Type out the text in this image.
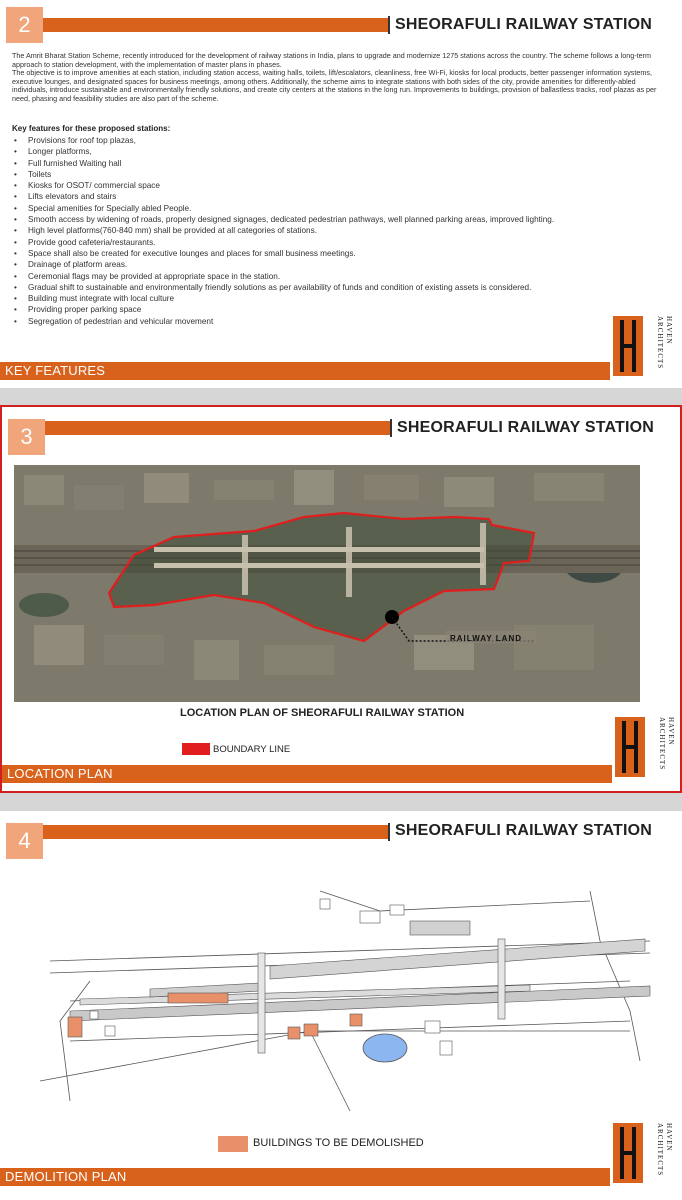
2	SHEORAFULI RAILWAY STATION

The Amrit Bharat Station Scheme, recently introduced for the development of railway stations in India, plans to upgrade and modernize 1275 stations across the country. The scheme follows a long-term approach to station development, with the implementation of master plans in phases.

The objective is to improve amenities at each station, including station access, waiting halls, toilets, lift/escalators, cleanliness, free Wi-Fi, kiosks for local products, better passenger information systems, executive lounges, and designated spaces for business meetings, among others. Additionally, the scheme aims to integrate stations with both sides of the city, provide amenities for differently-abled individuals, introduce sustainable and environmentally friendly solutions, and create city centers at the stations in the long run. Improvements to buildings, provision of ballastless tracks, roof plazas as per need, phasing and feasibility studies are also part of the scheme.

Key features for these proposed stations:
• Provisions for roof top plazas,
• Longer platforms,
• Full furnished Waiting hall
• Toilets
• Kiosks for OSOT/ commercial space
• Lifts elevators and stairs
• Special amenities for Specially abled People.
• Smooth access by widening of roads, properly designed signages, dedicated pedestrian pathways, well planned parking areas, improved lighting.
• High level platforms(760-840 mm) shall be provided at all categories of stations.
• Provide good cafeteria/restaurants.
• Space shall also be created for executive lounges and places for small business meetings.
• Drainage of platform areas.
• Ceremonial flags may be provided at appropriate space in the station.
• Gradual shift to sustainable and environmentally friendly solutions as per availability of funds and condition of existing assets is considered.
• Building must integrate with local culture
• Providing proper parking space
• Segregation of pedestrian and vehicular movement	HAVEN
ARCHITECTS
KEY FEATURES
3	SHEORAFULI RAILWAY STATION
RAILWAY LAND
LOCATION PLAN OF SHEORAFULI RAILWAY STATION
BOUNDARY LINE
HAVEN
ARCHITECTS
LOCATION PLAN
4	SHEORAFULI RAILWAY STATION
BUILDINGS TO BE DEMOLISHED	HAVEN
ARCHITECTS
DEMOLITION PLAN
